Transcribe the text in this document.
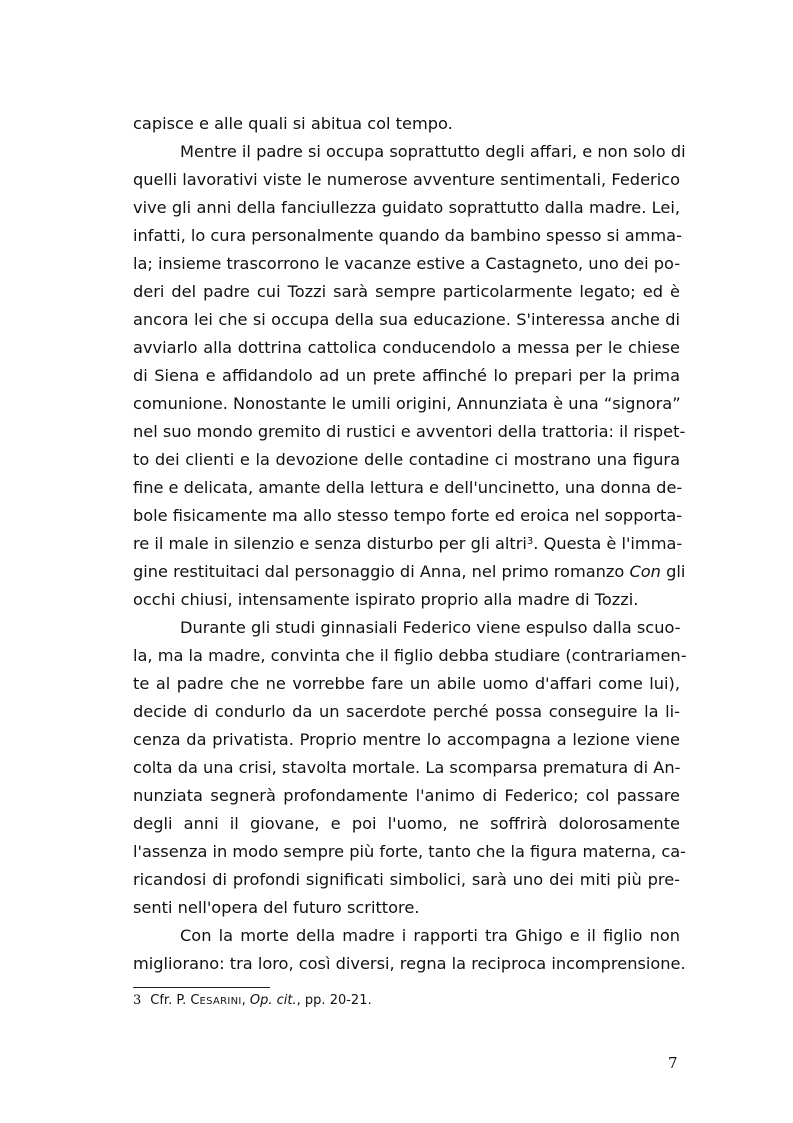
capisce e alle quali si abitua col tempo.
Mentre il padre si occupa soprattutto degli affari, e non solo di
quelli lavorativi viste le numerose avventure sentimentali, Federico
vive gli anni della fanciullezza guidato soprattutto dalla madre. Lei,
infatti, lo cura personalmente quando da bambino spesso si amma-
la; insieme trascorrono le vacanze estive a Castagneto, uno dei po-
deri del padre cui Tozzi sarà sempre particolarmente legato; ed è
ancora lei che si occupa della sua educazione. S'interessa anche di
avviarlo alla dottrina cattolica conducendolo a messa per le chiese
di Siena e affidandolo ad un prete affinché lo prepari per la prima
comunione. Nonostante le umili origini, Annunziata è una “signora”
nel suo mondo gremito di rustici e avventori della trattoria: il rispet-
to dei clienti e la devozione delle contadine ci mostrano una figura
fine e delicata, amante della lettura e dell'uncinetto, una donna de-
bole fisicamente ma allo stesso tempo forte ed eroica nel sopporta-
re il male in silenzio e senza disturbo per gli altri$^3$. Questa è l'imma-
gine restituitaci dal personaggio di Anna, nel primo romanzo Con gli
occhi chiusi, intensamente ispirato proprio alla madre di Tozzi.
Durante gli studi ginnasiali Federico viene espulso dalla scuo-
la, ma la madre, convinta che il figlio debba studiare (contrariamen-
te al padre che ne vorrebbe fare un abile uomo d'affari come lui),
decide di condurlo da un sacerdote perché possa conseguire la li-
cenza da privatista. Proprio mentre lo accompagna a lezione viene
colta da una crisi, stavolta mortale. La scomparsa prematura di An-
nunziata segnerà profondamente l'animo di Federico; col passare
degli anni il giovane, e poi l'uomo, ne soffrirà dolorosamente
l'assenza in modo sempre più forte, tanto che la figura materna, ca-
ricandosi di profondi significati simbolici, sarà uno dei miti più pre-
senti nell'opera del futuro scrittore.
Con la morte della madre i rapporti tra Ghigo e il figlio non
migliorano: tra loro, così diversi, regna la reciproca incomprensione.
3 Cfr. P. CESARINI, Op. cit., pp. 20-21.
7
